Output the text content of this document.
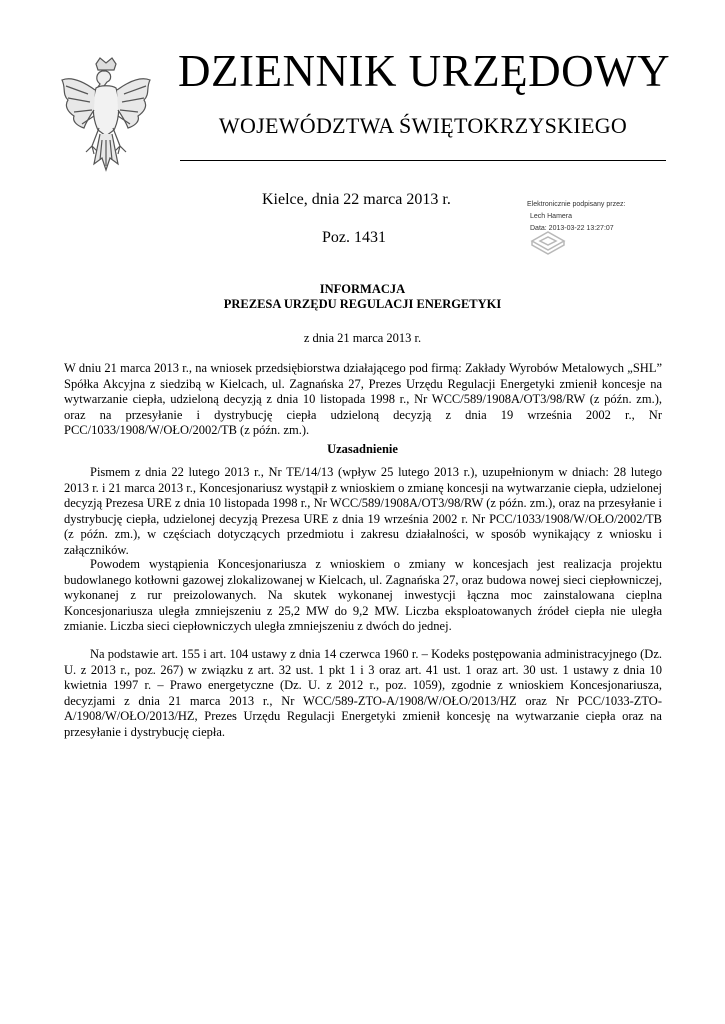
DZIENNIK URZĘDOWY
WOJEWÓDZTWA ŚWIĘTOKRZYSKIEGO
Kielce, dnia 22 marca 2013 r.
Poz. 1431
Elektronicznie podpisany przez:
Lech Hamera
Data: 2013-03-22 13:27:07
INFORMACJA
PREZESA URZĘDU REGULACJI ENERGETYKI
z dnia 21 marca 2013 r.

W dniu 21 marca 2013 r., na wniosek przedsiębiorstwa działającego pod firmą: Zakłady Wyrobów Metalowych „SHL” Spółka Akcyjna z siedzibą w Kielcach, ul. Zagnańska 27, Prezes Urzędu Regulacji Energetyki zmienił koncesje na wytwarzanie ciepła, udzieloną decyzją z dnia 10 listopada 1998 r., Nr WCC/589/1908A/OT3/98/RW (z późn. zm.), oraz na przesyłanie i dystrybucję ciepła udzieloną decyzją z dnia 19 września 2002 r., Nr PCC/1033/1908/W/OŁO/2002/TB (z późn. zm.).

Uzasadnienie

Pismem z dnia 22 lutego 2013 r., Nr TE/14/13 (wpływ 25 lutego 2013 r.), uzupełnionym w dniach: 28 lutego 2013 r. i 21 marca 2013 r., Koncesjonariusz wystąpił z wnioskiem o zmianę koncesji na wytwarzanie ciepła, udzielonej decyzją Prezesa URE z dnia 10 listopada 1998 r., Nr WCC/589/1908A/OT3/98/RW (z późn. zm.), oraz na przesyłanie i dystrybucję ciepła, udzielonej decyzją Prezesa URE z dnia 19 września 2002 r. Nr PCC/1033/1908/W/OŁO/2002/TB (z późn. zm.), w częściach dotyczących przedmiotu i zakresu działalności, w sposób wynikający z wniosku i załączników.

Powodem wystąpienia Koncesjonariusza z wnioskiem o zmiany w koncesjach jest realizacja projektu budowlanego kotłowni gazowej zlokalizowanej w Kielcach, ul. Zagnańska 27, oraz budowa nowej sieci ciepłowniczej, wykonanej z rur preizolowanych. Na skutek wykonanej inwestycji łączna moc zainstalowana cieplna Koncesjonariusza uległa zmniejszeniu z 25,2 MW do 9,2 MW. Liczba eksploatowanych źródeł ciepła nie uległa zmianie. Liczba sieci ciepłowniczych uległa zmniejszeniu z dwóch do jednej.

Na podstawie art. 155 i art. 104 ustawy z dnia 14 czerwca 1960 r. – Kodeks postępowania administracyjnego (Dz. U. z 2013 r., poz. 267) w związku z art. 32 ust. 1 pkt 1 i 3 oraz art. 41 ust. 1 oraz art. 30 ust. 1 ustawy z dnia 10 kwietnia 1997 r. – Prawo energetyczne (Dz. U. z 2012 r., poz. 1059), zgodnie z wnioskiem Koncesjonariusza, decyzjami z dnia 21 marca 2013 r., Nr WCC/589-ZTO-A/1908/W/OŁO/2013/HZ oraz Nr PCC/1033-ZTO-A/1908/W/OŁO/2013/HZ, Prezes Urzędu Regulacji Energetyki zmienił koncesję na wytwarzanie ciepła oraz na przesyłanie i dystrybucję ciepła.
